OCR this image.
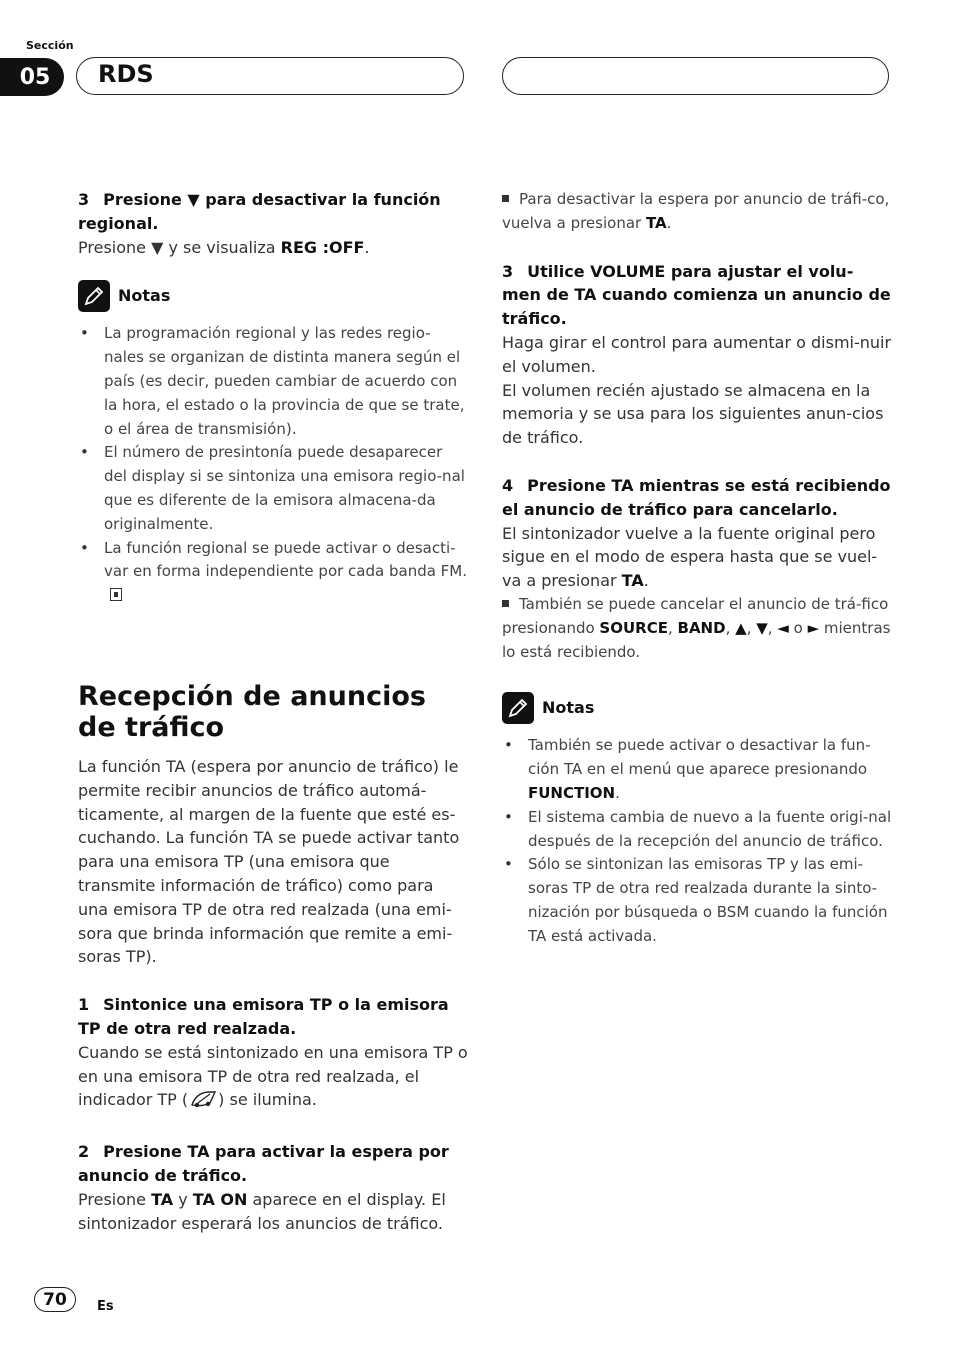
Sección
05	RDS

3 Presione ▼ para desactivar la función regional.

Presione ▼ y se visualiza REG :OFF.

Notas
• La programación regional y las redes regio-nales se organizan de distinta manera según el país (es decir, pueden cambiar de acuerdo con la hora, el estado o la provincia de que se trate, o el área de transmisión).
• El número de presintonía puede desaparecer del display si se sintoniza una emisora regio-nal que es diferente de la emisora almacena-da originalmente.
• La función regional se puede activar o desacti-var en forma independiente por cada banda FM.
Recepción de anuncios de tráfico

La función TA (espera por anuncio de tráfico) le permite recibir anuncios de tráfico automá-ticamente, al margen de la fuente que esté es-cuchando. La función TA se puede activar tanto para una emisora TP (una emisora que transmite información de tráfico) como para una emisora TP de otra red realzada (una emi-sora que brinda información que remite a emi-soras TP).

1 Sintonice una emisora TP o la emisora TP de otra red realzada.

Cuando se está sintonizado en una emisora TP o en una emisora TP de otra red realzada, el indicador TP ( ) se ilumina.

2 Presione TA para activar la espera por anuncio de tráfico.

Presione TA y TA ON aparece en el display. El sintonizador esperará los anuncios de tráfico.

Para desactivar la espera por anuncio de tráfi-co, vuelva a presionar TA.

3 Utilice VOLUME para ajustar el volu-men de TA cuando comienza un anuncio de tráfico.

Haga girar el control para aumentar o dismi-nuir el volumen.

El volumen recién ajustado se almacena en la memoria y se usa para los siguientes anun-cios de tráfico.

4 Presione TA mientras se está recibiendo el anuncio de tráfico para cancelarlo.

El sintonizador vuelve a la fuente original pero sigue en el modo de espera hasta que se vuel-va a presionar TA.

También se puede cancelar el anuncio de trá-fico presionando SOURCE, BAND, ▲, ▼, ◄ o ► mientras lo está recibiendo.

Notas
• También se puede activar o desactivar la fun-ción TA en el menú que aparece presionando FUNCTION.
• El sistema cambia de nuevo a la fuente origi-nal después de la recepción del anuncio de tráfico.
• Sólo se sintonizan las emisoras TP y las emi-soras TP de otra red realzada durante la sinto-nización por búsqueda o BSM cuando la función TA está activada.
70	Es
